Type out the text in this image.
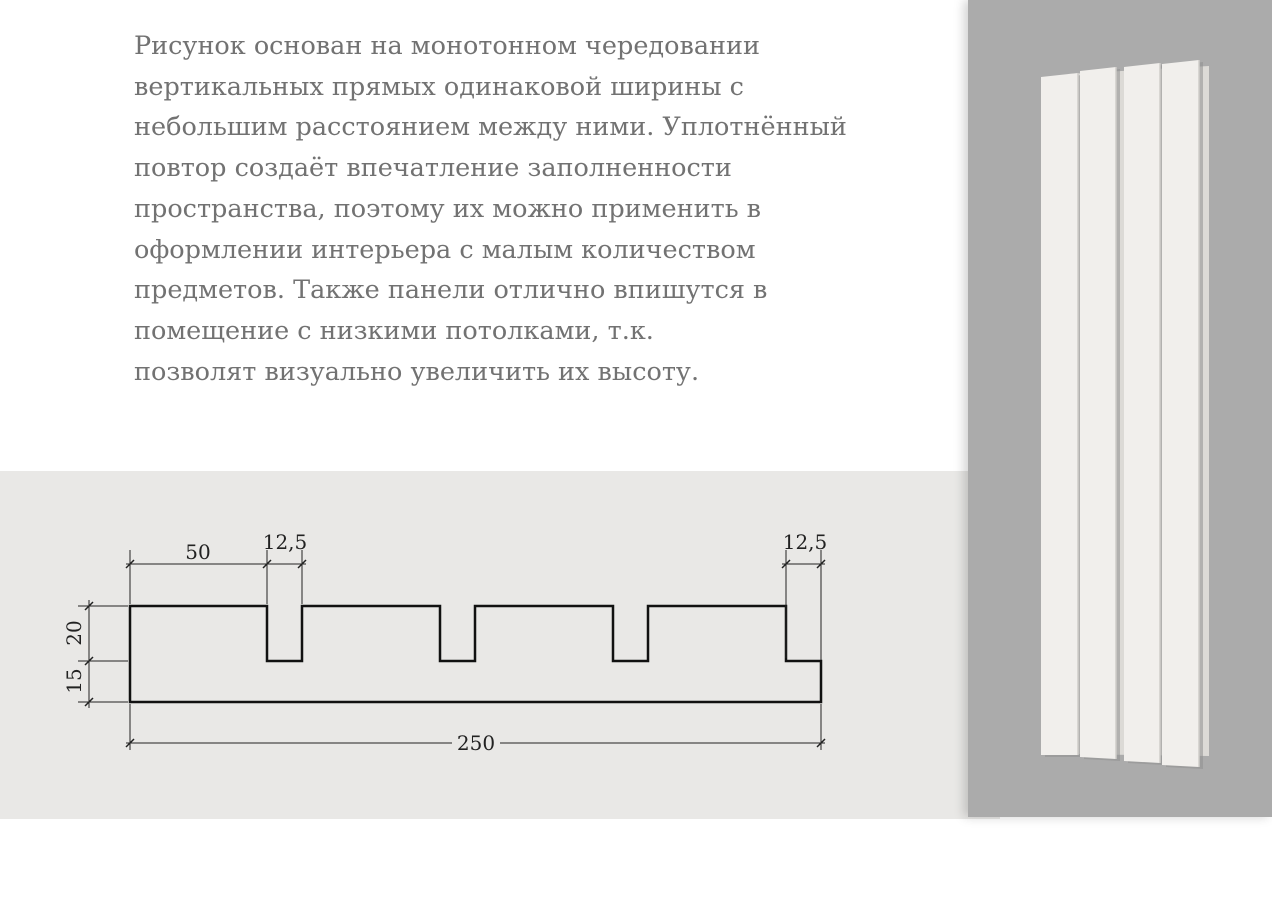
Рисунок основан на монотонном чередовании
вертикальных прямых одинаковой ширины с
небольшим расстоянием между ними. Уплотнённый
повтор создаёт впечатление заполненности
пространства, поэтому их можно применить в
оформлении интерьера с малым количеством
предметов. Также панели отлично впишутся в
помещение с низкими потолками, т.к.
позволят визуально увеличить их высоту.

50	12,5	12,5
20
15
250
